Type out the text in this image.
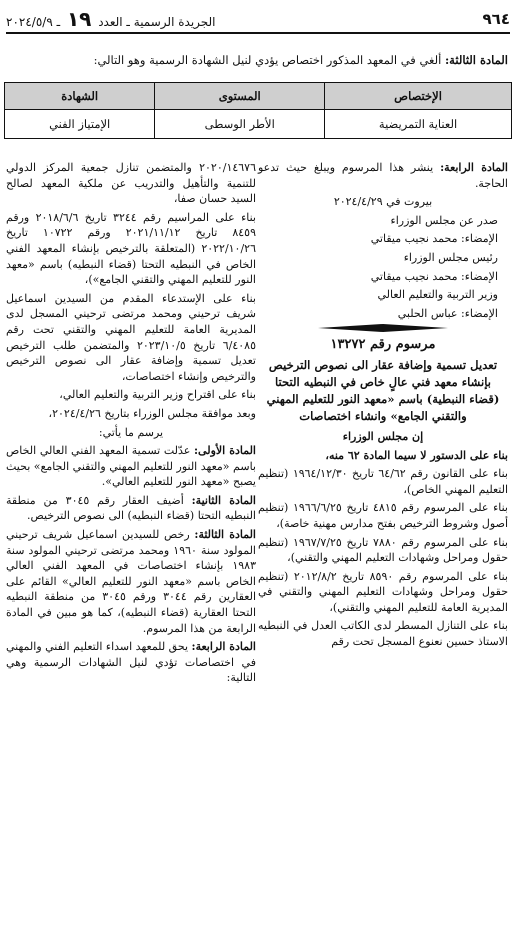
٩٦٤
الجريدة الرسمية ـ العدد ١٩ ـ ٢٠٢٤/٥/٩
المادة الثالثة: ألغي في المعهد المذكور اختصاص يؤدي لنيل الشهادة الرسمية وهو التالي:
الإختصاص	المستوى	الشهادة
العناية التمريضية	الأطر الوسطى	الإمتياز الفني

المادة الرابعة: ينشر هذا المرسوم ويبلغ حيث تدعو الحاجة.

بيروت في ٢٠٢٤/٤/٢٩

صدر عن مجلس الوزراء

الإمضاء: محمد نجيب ميقاتي

رئيس مجلس الوزراء

الإمضاء: محمد نجيب ميقاتي

وزير التربية والتعليم العالي

الإمضاء: عباس الحلبي

مرسوم رقم ١٣٢٧٢

تعديل تسمية وإضافة عقار الى نصوص الترخيص بإنشاء معهد فني عالٍ خاص في النبطيه التحتا (قضاء النبطية) باسم «معهد النور للتعليم المهني والتقني الجامع» وانشاء اختصاصات

إن مجلس الوزراء

بناء على الدستور لا سيما المادة ٦٢ منه،

بناء على القانون رقم ٦٤/٦٢ تاريخ ١٩٦٤/١٢/٣٠ (تنظيم التعليم المهني الخاص)،

بناء على المرسوم رقم ٤٨١٥ تاريخ ١٩٦٦/٦/٢٥ (تنظيم أصول وشروط الترخيص بفتح مدارس مهنية خاصة)،

بناء على المرسوم رقم ٧٨٨٠ تاريخ ١٩٦٧/٧/٢٥ (تنظيم حقول ومراحل وشهادات التعليم المهني والتقني)،

بناء على المرسوم رقم ٨٥٩٠ تاريخ ٢٠١٢/٨/٢ (تنظيم حقول ومراحل وشهادات التعليم المهني والتقني في المديرية العامة للتعليم المهني والتقني)،

بناء على التنازل المسطر لدى الكاتب العدل في النبطيه الاستاذ حسين نعنوع المسجل تحت رقم

٢٠٢٠/١٤٦٧٦ والمتضمن تنازل جمعية المركز الدولي للتنمية والتأهيل والتدريب عن ملكية المعهد لصالح السيد حسان صفا،

بناء على المراسيم رقم ٣٢٤٤ تاريخ ٢٠١٨/٦/٦ ورقم ٨٤٥٩ تاريخ ٢٠٢١/١١/١٢ ورقم ١٠٧٢٢ تاريخ ٢٠٢٢/١٠/٢٦ (المتعلقة بالترخيص بإنشاء المعهد الفني الخاص في النبطيه التحتا (قضاء النبطيه) باسم «معهد النور للتعليم المهني والتقني الجامع»)،

بناء على الإستدعاء المقدم من السيدين اسماعيل شريف ترحيني ومحمد مرتضى ترحيني المسجل لدى المديرية العامة للتعليم المهني والتقني تحت رقم ٦/٤٠٨٥ تاريخ ٢٠٢٣/١٠/٥ والمتضمن طلب الترخيص تعديل تسمية وإضافة عقار الى نصوص الترخيص والترخيص وإنشاء اختصاصات،

بناء على اقتراح وزير التربية والتعليم العالي،

وبعد موافقة مجلس الوزراء بتاريخ ٢٠٢٤/٤/٢٦،

يرسم ما يأتي:

المادة الأولى: عدّلت تسمية المعهد الفني العالي الخاص باسم «معهد النور للتعليم المهني والتقني الجامع» بحيث يصبح «معهد النور للتعليم العالي».

المادة الثانية: أضيف العقار رقم ٣٠٤٥ من منطقة النبطيه التحتا (قضاء النبطيه) الى نصوص الترخيص.

المادة الثالثة: رخص للسيدين اسماعيل شريف ترحيني المولود سنة ١٩٦٠ ومحمد مرتضى ترحيني المولود سنة ١٩٨٣ بإنشاء اختصاصات في المعهد الفني العالي الخاص باسم «معهد النور للتعليم العالي» القائم على العقارين رقم ٣٠٤٤ ورقم ٣٠٤٥ من منطقة النبطيه التحتا العقارية (قضاء النبطيه)، كما هو مبين في المادة الرابعة من هذا المرسوم.

المادة الرابعة: يحق للمعهد اسداء التعليم الفني والمهني في اختصاصات تؤدي لنيل الشهادات الرسمية وهي التالية:
